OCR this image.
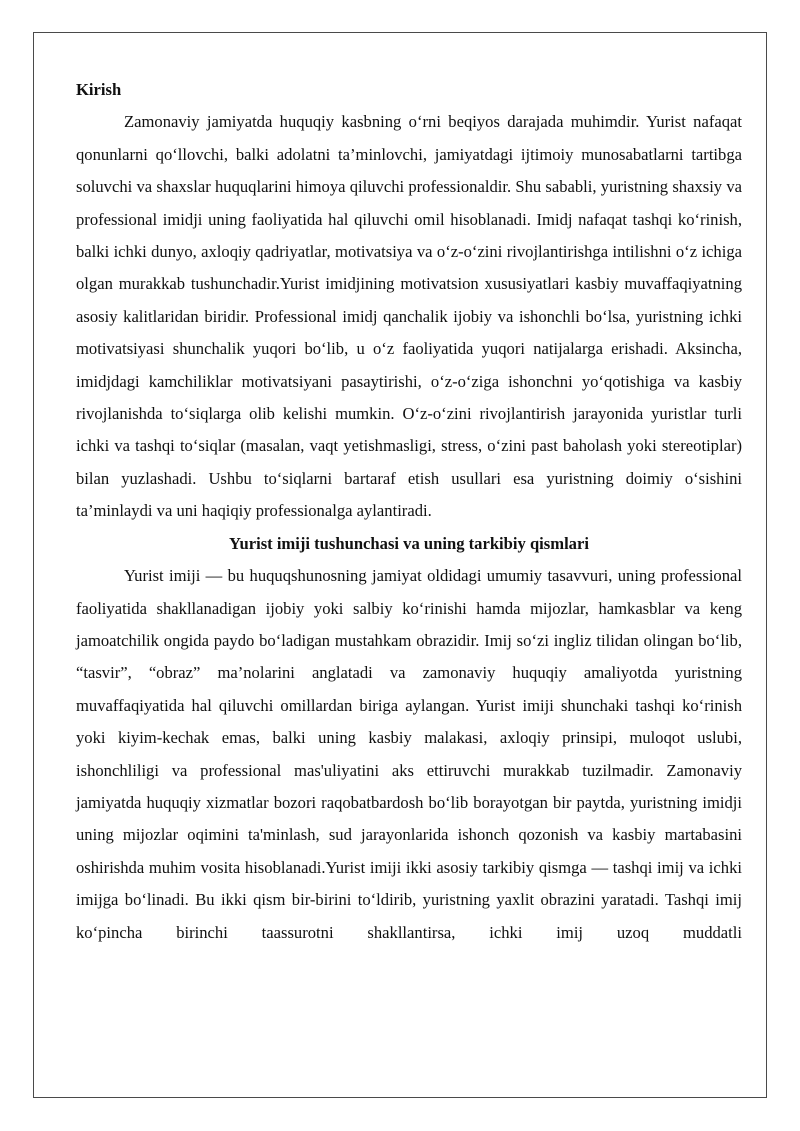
Kirish

Zamonaviy jamiyatda huquqiy kasbning o‘rni beqiyos darajada muhimdir. Yurist nafaqat qonunlarni qo‘llovchi, balki adolatni ta’minlovchi, jamiyatdagi ijtimoiy munosabatlarni tartibga soluvchi va shaxslar huquqlarini himoya qiluvchi professionaldir. Shu sababli, yuristning shaxsiy va professional imidji uning faoliyatida hal qiluvchi omil hisoblanadi. Imidj nafaqat tashqi ko‘rinish, balki ichki dunyo, axloqiy qadriyatlar, motivatsiya va o‘z-o‘zini rivojlantirishga intilishni o‘z ichiga olgan murakkab tushunchadir.Yurist imidjining motivatsion xususiyatlari kasbiy muvaffaqiyatning asosiy kalitlaridan biridir. Professional imidj qanchalik ijobiy va ishonchli bo‘lsa, yuristning ichki motivatsiyasi shunchalik yuqori bo‘lib, u o‘z faoliyatida yuqori natijalarga erishadi. Aksincha, imidjdagi kamchiliklar motivatsiyani pasaytirishi, o‘z-o‘ziga ishonchni yo‘qotishiga va kasbiy rivojlanishda to‘siqlarga olib kelishi mumkin. O‘z-o‘zini rivojlantirish jarayonida yuristlar turli ichki va tashqi to‘siqlar (masalan, vaqt yetishmasligi, stress, o‘zini past baholash yoki stereotiplar) bilan yuzlashadi. Ushbu to‘siqlarni bartaraf etish usullari esa yuristning doimiy o‘sishini ta’minlaydi va uni haqiqiy professionalga aylantiradi.

Yurist imiji tushunchasi va uning tarkibiy qismlari

Yurist imiji — bu huquqshunosning jamiyat oldidagi umumiy tasavvuri, uning professional faoliyatida shakllanadigan ijobiy yoki salbiy ko‘rinishi hamda mijozlar, hamkasblar va keng jamoatchilik ongida paydo bo‘ladigan mustahkam obrazidir. Imij so‘zi ingliz tilidan olingan bo‘lib, “tasvir”, “obraz” ma’nolarini anglatadi va zamonaviy huquqiy amaliyotda yuristning muvaffaqiyatida hal qiluvchi omillardan biriga aylangan. Yurist imiji shunchaki tashqi ko‘rinish yoki kiyim-kechak emas, balki uning kasbiy malakasi, axloqiy prinsipi, muloqot uslubi, ishonchliligi va professional mas'uliyatini aks ettiruvchi murakkab tuzilmadir. Zamonaviy jamiyatda huquqiy xizmatlar bozori raqobatbardosh bo‘lib borayotgan bir paytda, yuristning imidji uning mijozlar oqimini ta'minlash, sud jarayonlarida ishonch qozonish va kasbiy martabasini oshirishda muhim vosita hisoblanadi.Yurist imiji ikki asosiy tarkibiy qismga — tashqi imij va ichki imijga bo‘linadi. Bu ikki qism bir-birini to‘ldirib, yuristning yaxlit obrazini yaratadi. Tashqi imij ko‘pincha birinchi taassurotni shakllantirsa, ichki imij uzoq muddatli
